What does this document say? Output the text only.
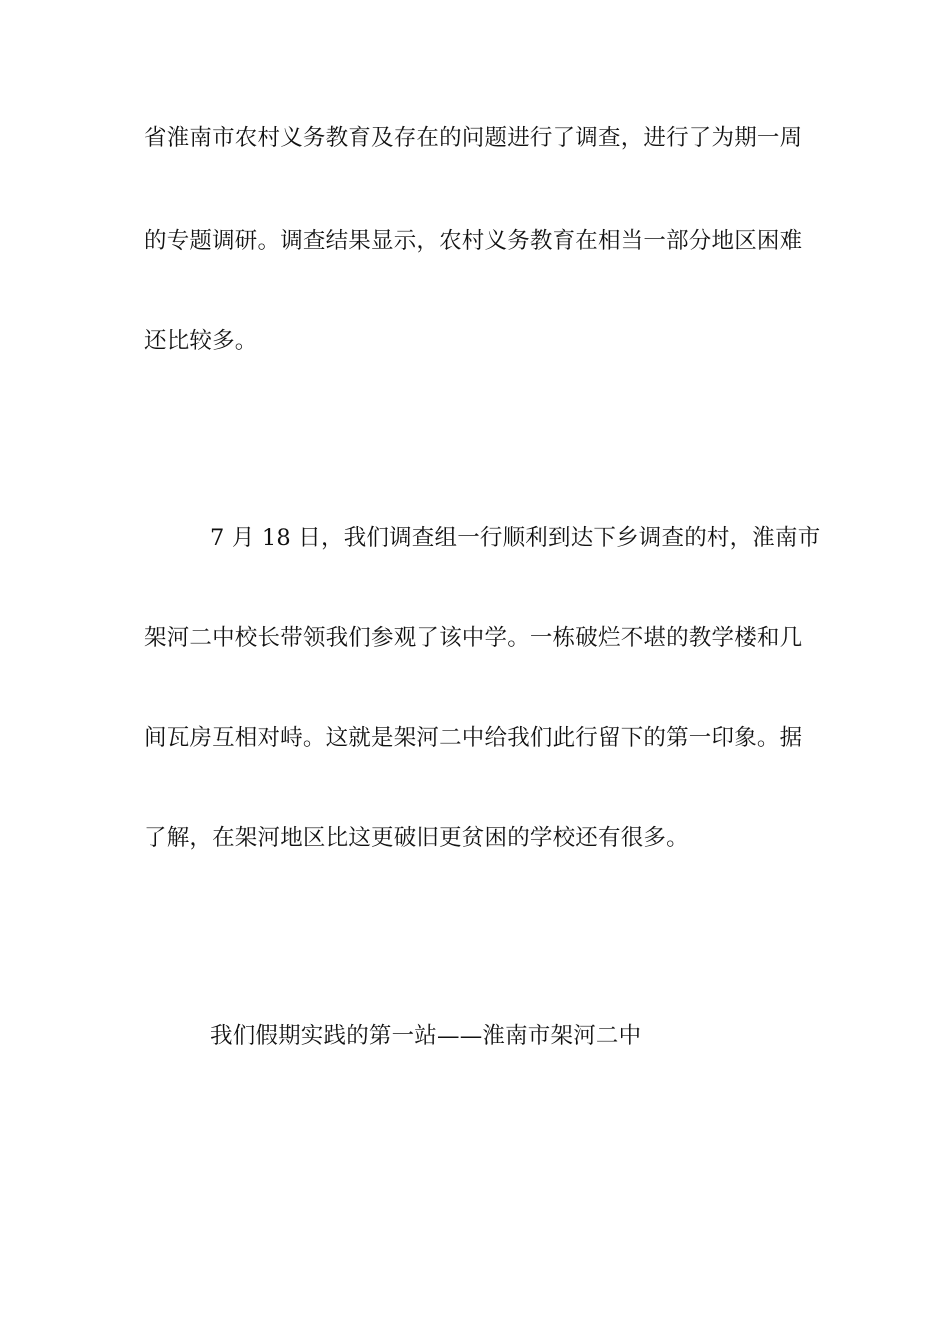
省淮南市农村义务教育及存在的问题进行了调查，进行了为期一周
的专题调研。调查结果显示，农村义务教育在相当一部分地区困难
还比较多。
7 月 18 日，我们调查组一行顺利到达下乡调查的村，淮南市
架河二中校长带领我们参观了该中学。一栋破烂不堪的教学楼和几
间瓦房互相对峙。这就是架河二中给我们此行留下的第一印象。据
了解，在架河地区比这更破旧更贫困的学校还有很多。
我们假期实践的第一站——淮南市架河二中
